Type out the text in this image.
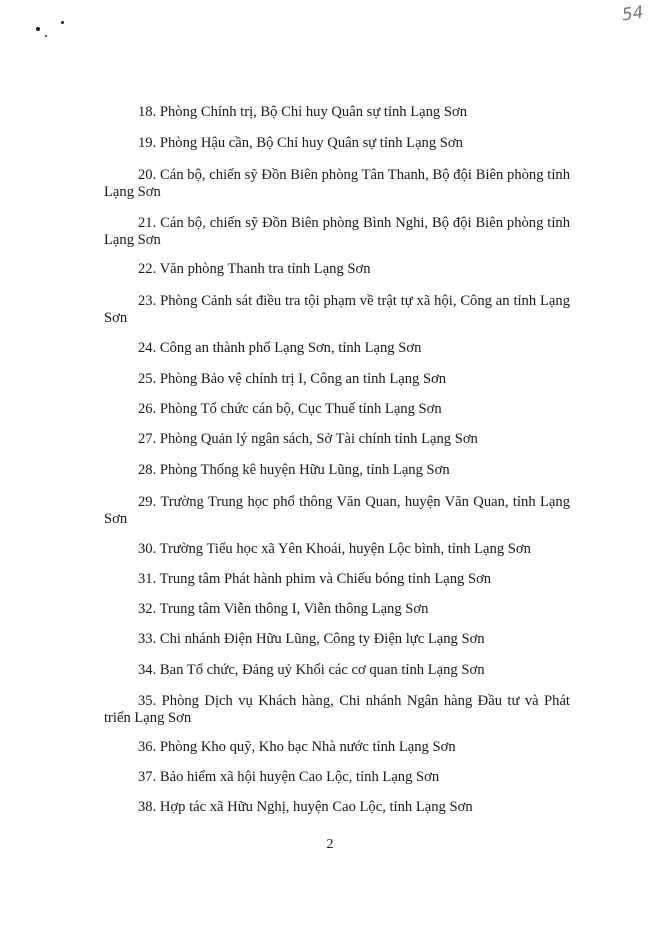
54

18. Phòng Chính trị, Bộ Chỉ huy Quân sự tỉnh Lạng Sơn

19. Phòng Hậu cần, Bộ Chỉ huy Quân sự tỉnh Lạng Sơn

20. Cán bộ, chiến sỹ Đồn Biên phòng Tân Thanh, Bộ đội Biên phòng tỉnh Lạng Sơn

21. Cán bộ, chiến sỹ Đồn Biên phòng Bình Nghi, Bộ đội Biên phòng tỉnh Lạng Sơn

22. Văn phòng Thanh tra tỉnh Lạng Sơn

23. Phòng Cảnh sát điều tra tội phạm về trật tự xã hội, Công an tỉnh Lạng Sơn

24. Công an thành phố Lạng Sơn, tỉnh Lạng Sơn

25. Phòng Bảo vệ chính trị I, Công an tỉnh Lạng Sơn

26. Phòng Tổ chức cán bộ, Cục Thuế tỉnh Lạng Sơn

27. Phòng Quản lý ngân sách, Sở Tài chính tỉnh Lạng Sơn

28. Phòng Thống kê huyện Hữu Lũng, tỉnh Lạng Sơn

29. Trường Trung học phổ thông Văn Quan, huyện Văn Quan, tỉnh Lạng Sơn

30. Trường Tiểu học xã Yên Khoái, huyện Lộc bình, tỉnh Lạng Sơn

31. Trung tâm Phát hành phim và Chiếu bóng tỉnh Lạng Sơn

32. Trung tâm Viễn thông I, Viễn thông Lạng Sơn

33. Chi nhánh Điện Hữu Lũng, Công ty Điện lực Lạng Sơn

34. Ban Tổ chức, Đảng uỷ Khối các cơ quan tỉnh Lạng Sơn

35. Phòng Dịch vụ Khách hàng, Chi nhánh Ngân hàng Đầu tư và Phát triển Lạng Sơn

36. Phòng Kho quỹ, Kho bạc Nhà nước tỉnh Lạng Sơn

37. Bảo hiểm xã hội huyện Cao Lộc, tỉnh Lạng Sơn

38. Hợp tác xã Hữu Nghị, huyện Cao Lộc, tỉnh Lạng Sơn

2
